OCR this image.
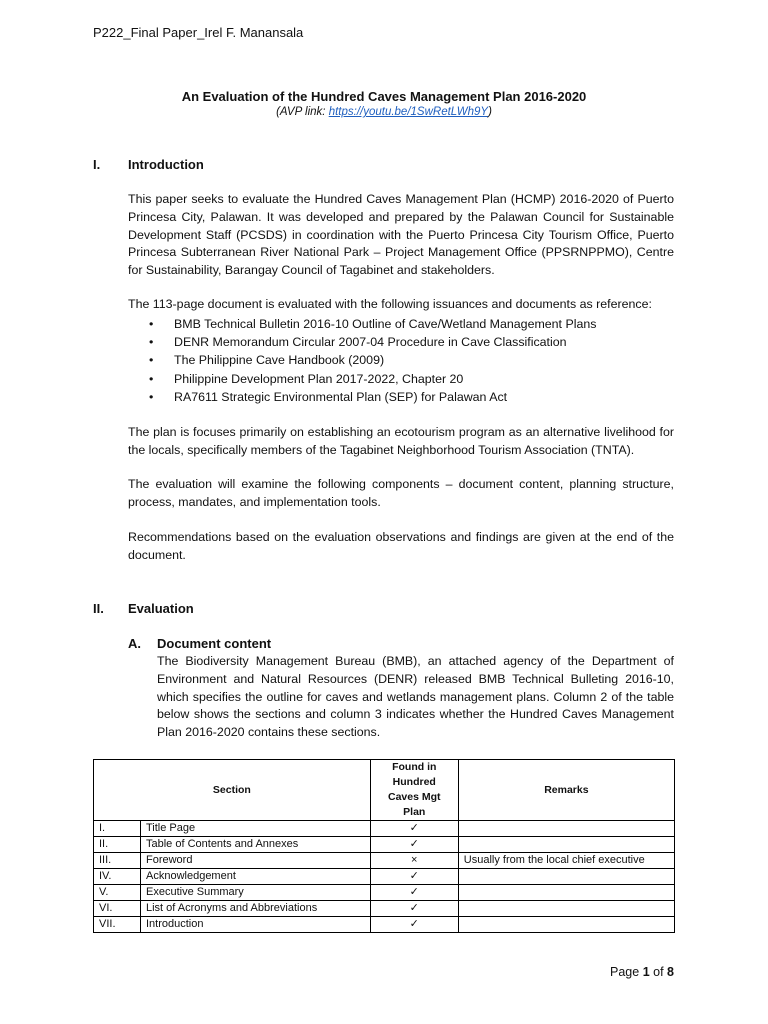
P222_Final Paper_Irel F. Manansala
An Evaluation of the Hundred Caves Management Plan 2016-2020
(AVP link: https://youtu.be/1SwRetLWh9Y)
I. Introduction

This paper seeks to evaluate the Hundred Caves Management Plan (HCMP) 2016-2020 of Puerto Princesa City, Palawan. It was developed and prepared by the Palawan Council for Sustainable Development Staff (PCSDS) in coordination with the Puerto Princesa City Tourism Office, Puerto Princesa Subterranean River National Park – Project Management Office (PPSRNPPMO), Centre for Sustainability, Barangay Council of Tagabinet and stakeholders.

The 113-page document is evaluated with the following issuances and documents as reference:

• BMB Technical Bulletin 2016-10 Outline of Cave/Wetland Management Plans
• DENR Memorandum Circular 2007-04 Procedure in Cave Classification
• The Philippine Cave Handbook (2009)
• Philippine Development Plan 2017-2022, Chapter 20
• RA7611 Strategic Environmental Plan (SEP) for Palawan Act

The plan is focuses primarily on establishing an ecotourism program as an alternative livelihood for the locals, specifically members of the Tagabinet Neighborhood Tourism Association (TNTA).

The evaluation will examine the following components – document content, planning structure, process, mandates, and implementation tools.

Recommendations based on the evaluation observations and findings are given at the end of the document.

II. Evaluation
A. Document content

The Biodiversity Management Bureau (BMB), an attached agency of the Department of Environment and Natural Resources (DENR) released BMB Technical Bulleting 2016-10, which specifies the outline for caves and wetlands management plans. Column 2 of the table below shows the sections and column 3 indicates whether the Hundred Caves Management Plan 2016-2020 contains these sections.

Section		Found in Hundred Caves Mgt Plan	Remarks
I.	Title Page	✓	
II.	Table of Contents and Annexes	✓	
III.	Foreword	×	Usually from the local chief executive
IV.	Acknowledgement	✓	
V.	Executive Summary	✓	
VI.	List of Acronyms and Abbreviations	✓	
VII.	Introduction	✓	
Page 1 of 8
